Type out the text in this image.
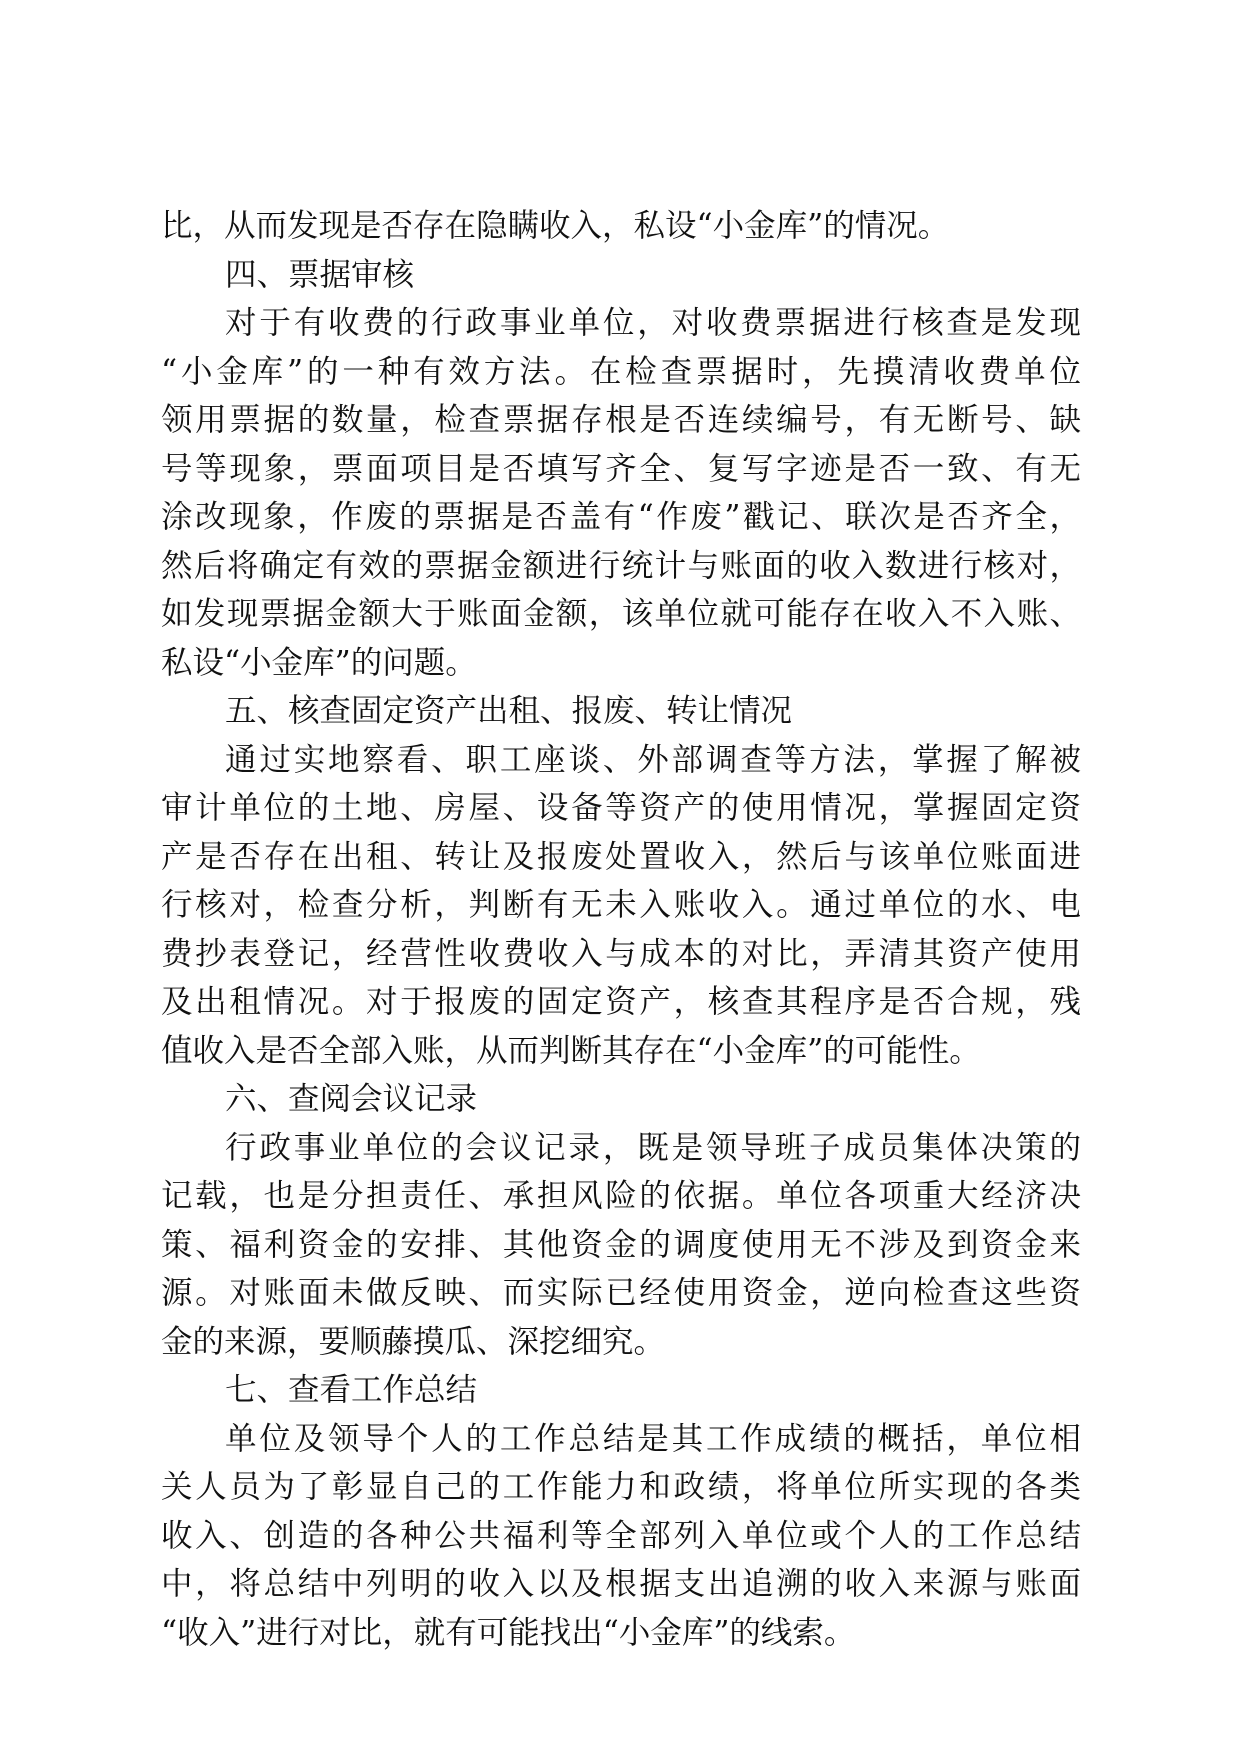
比，从而发现是否存在隐瞒收入，私设“小金库”的情况。
四、票据审核
对于有收费的行政事业单位，对收费票据进行核查是发现
“小金库”的一种有效方法。在检查票据时，先摸清收费单位
领用票据的数量，检查票据存根是否连续编号，有无断号、缺
号等现象，票面项目是否填写齐全、复写字迹是否一致、有无
涂改现象，作废的票据是否盖有“作废”戳记、联次是否齐全，
然后将确定有效的票据金额进行统计与账面的收入数进行核对，
如发现票据金额大于账面金额，该单位就可能存在收入不入账、
私设“小金库”的问题。
五、核查固定资产出租、报废、转让情况
通过实地察看、职工座谈、外部调查等方法，掌握了解被
审计单位的土地、房屋、设备等资产的使用情况，掌握固定资
产是否存在出租、转让及报废处置收入，然后与该单位账面进
行核对，检查分析，判断有无未入账收入。通过单位的水、电
费抄表登记，经营性收费收入与成本的对比，弄清其资产使用
及出租情况。对于报废的固定资产，核查其程序是否合规，残
值收入是否全部入账，从而判断其存在“小金库”的可能性。
六、查阅会议记录
行政事业单位的会议记录，既是领导班子成员集体决策的
记载，也是分担责任、承担风险的依据。单位各项重大经济决
策、福利资金的安排、其他资金的调度使用无不涉及到资金来
源。对账面未做反映、而实际已经使用资金，逆向检查这些资
金的来源，要顺藤摸瓜、深挖细究。
七、查看工作总结
单位及领导个人的工作总结是其工作成绩的概括，单位相
关人员为了彰显自己的工作能力和政绩，将单位所实现的各类
收入、创造的各种公共福利等全部列入单位或个人的工作总结
中，将总结中列明的收入以及根据支出追溯的收入来源与账面
“收入”进行对比，就有可能找出“小金库”的线索。
